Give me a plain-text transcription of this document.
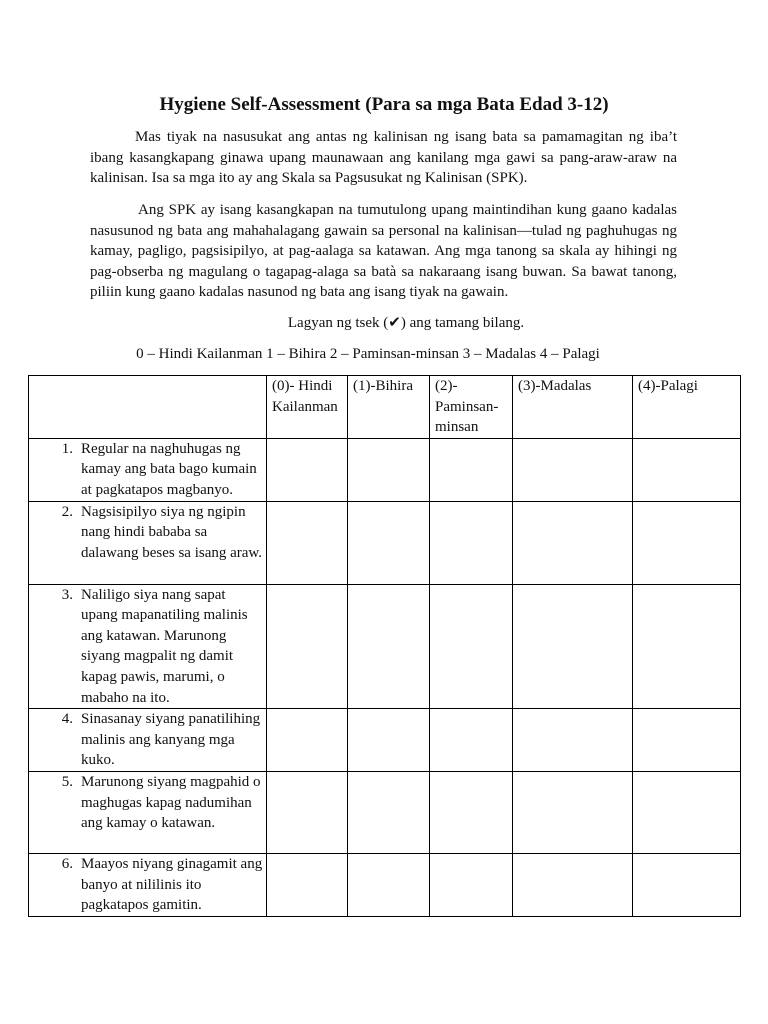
Hygiene Self-Assessment (Para sa mga Bata Edad 3-12)

Mas tiyak na nasusukat ang antas ng kalinisan ng isang bata sa pamamagitan ng iba’t ibang kasangkapang ginawa upang maunawaan ang kanilang mga gawi sa pang-araw-araw na kalinisan. Isa sa mga ito ay ang Skala sa Pagsusukat ng Kalinisan (SPK).

Ang SPK ay isang kasangkapan na tumutulong upang maintindihan kung gaano kadalas nasusunod ng bata ang mahahalagang gawain sa personal na kalinisan—tulad ng paghuhugas ng kamay, pagligo, pagsisipilyo, at pag-aalaga sa katawan. Ang mga tanong sa skala ay hihingi ng pag-obserba ng magulang o tagapag-alaga sa batà sa nakaraang isang buwan. Sa bawat tanong, piliin kung gaano kadalas nasunod ng bata ang isang tiyak na gawain.

Lagyan ng tsek (✔) ang tamang bilang.
0 – Hindi Kailanman 1 – Bihira 2 – Paminsan-minsan 3 – Madalas 4 – Palagi
	(0)- Hindi Kailanman	(1)-Bihira	(2)-Paminsan-minsan	(3)-Madalas	(4)-Palagi

1. Regular na naghuhugas ng kamay ang bata bago kumain at pagkatapos magbanyo.					

2. Nagsisipilyo siya ng ngipin nang hindi bababa sa dalawang beses sa isang araw.					

3. Naliligo siya nang sapat upang mapanatiling malinis ang katawan. Marunong siyang magpalit ng damit kapag pawis, marumi, o mabaho na ito.					

4. Sinasanay siyang panatilihing malinis ang kanyang mga kuko.					

5. Marunong siyang magpahid o maghugas kapag nadumihan ang kamay o katawan.					

6. Maayos niyang ginagamit ang banyo at nililinis ito pagkatapos gamitin.					
